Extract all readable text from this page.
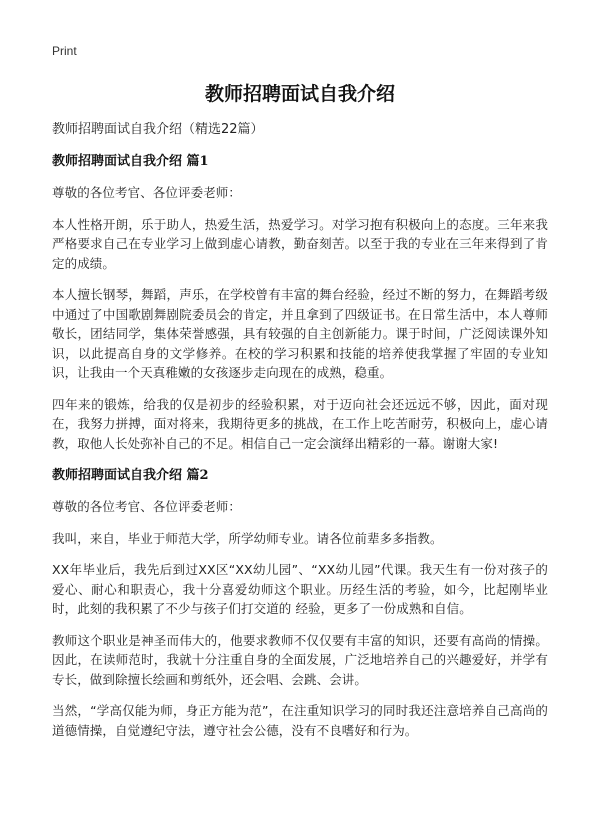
Print
教师招聘面试自我介绍
教师招聘面试自我介绍（精选22篇）
教师招聘面试自我介绍 篇1

尊敬的各位考官、各位评委老师：

本人性格开朗，乐于助人，热爱生活，热爱学习。对学习抱有积极向上的态度。三年来我严格要求自己在专业学习上做到虚心请教，勤奋刻苦。以至于我的专业在三年来得到了肯定的成绩。

本人擅长钢琴，舞蹈，声乐，在学校曾有丰富的舞台经验，经过不断的努力，在舞蹈考级中通过了中国歌剧舞剧院委员会的肯定，并且拿到了四级证书。在日常生活中，本人尊师敬长，团结同学，集体荣誉感强，具有较强的自主创新能力。课于时间，广泛阅读课外知识，以此提高自身的文学修养。在校的学习积累和技能的培养使我掌握了牢固的专业知识，让我由一个天真稚嫩的女孩逐步走向现在的成熟，稳重。

四年来的锻炼，给我的仅是初步的经验积累，对于迈向社会还远远不够，因此，面对现在，我努力拼搏，面对将来，我期待更多的挑战，在工作上吃苦耐劳，积极向上，虚心请教，取他人长处弥补自己的不足。相信自己一定会演绎出精彩的一幕。谢谢大家!

教师招聘面试自我介绍 篇2

尊敬的各位考官、各位评委老师：

我叫，来自，毕业于师范大学，所学幼师专业。请各位前辈多多指教。

XX年毕业后，我先后到过XX区“XX幼儿园”、“XX幼儿园”代课。我天生有一份对孩子的爱心、耐心和职责心，我十分喜爱幼师这个职业。历经生活的考验，如今，比起刚毕业时，此刻的我积累了不少与孩子们打交道的 经验，更多了一份成熟和自信。

教师这个职业是神圣而伟大的，他要求教师不仅仅要有丰富的知识，还要有高尚的情操。因此，在读师范时，我就十分注重自身的全面发展，广泛地培养自己的兴趣爱好，并学有专长，做到除擅长绘画和剪纸外，还会唱、会跳、会讲。

当然，“学高仅能为师，身正方能为范”，在注重知识学习的同时我还注意培养自己高尚的道德情操，自觉遵纪守法，遵守社会公德，没有不良嗜好和行为。
